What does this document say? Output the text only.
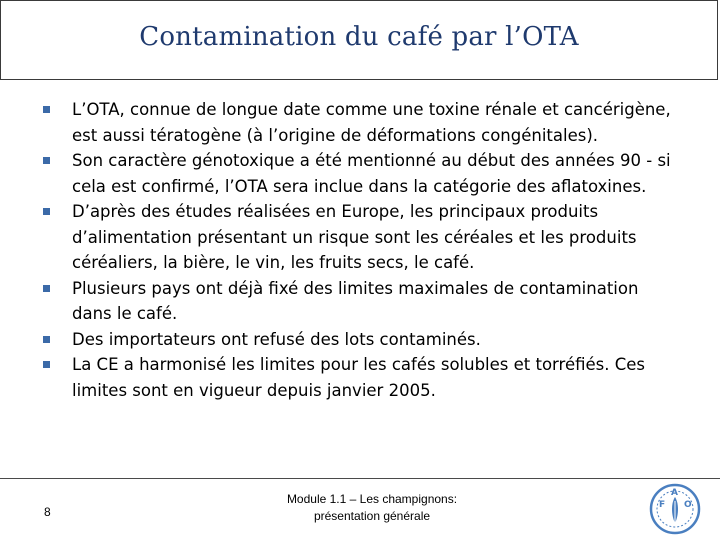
Contamination du café par l’OTA
L’OTA, connue de longue date comme une toxine rénale et cancérigène, est aussi tératogène (à l’origine de déformations congénitales).
Son caractère génotoxique a été mentionné au début des années 90 - si cela est confirmé, l’OTA sera inclue dans la catégorie des aflatoxines.
D’après des études réalisées en Europe, les principaux produits d’alimentation présentant un risque sont les céréales et les produits céréaliers, la bière, le vin, les fruits secs, le café.
Plusieurs pays ont déjà fixé des limites maximales de contamination dans le café.
Des importateurs ont refusé des lots contaminés.
La CE a harmonisé les limites pour les cafés solubles et torréfiés. Ces limites sont en vigueur depuis janvier 2005.
8
Module 1.1 – Les champignons:
présentation générale
F
A
O
